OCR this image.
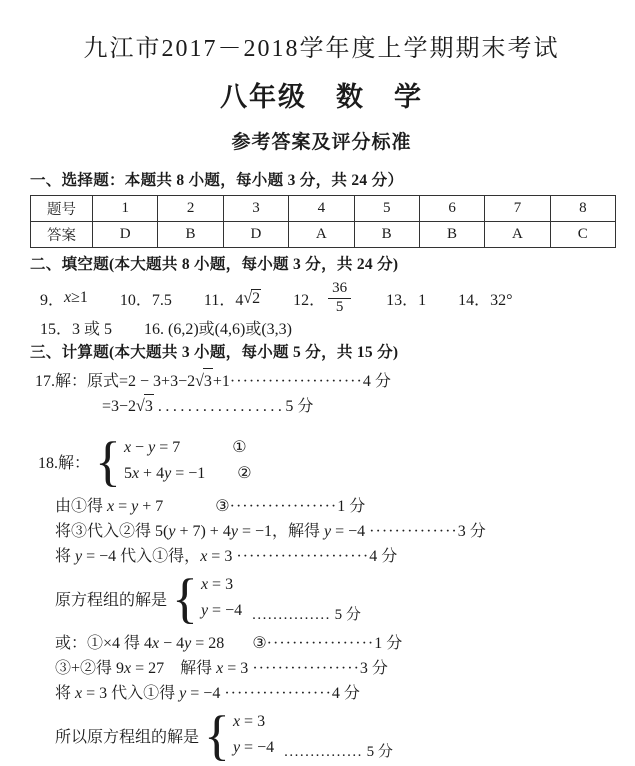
九江市2017－2018学年度上学期期末考试
八年级　数　学
参考答案及评分标准
一、选择题：本题共 8 小题，每小题 3 分，共 24 分）
题号	1	2	3	4	5	6	7	8
答案	D	B	D	A	B	B	A	C
二、填空题(本大题共 8 小题，每小题 3 分，共 24 分)
9． x ≥1 10．7.5 11．4 √2 12． $\frac{36}{5} 13$．1 14．32°
15．3 或 5 16. (6,2)或(4,6)或(3,3)
三、计算题(本大题共 3 小题，每小题 5 分，共 15 分)
17.解：原式=2 − 3+3−2√3+1·····················4 分
=3−2√3 .................5 分
18.解： { x − y = 7	①
5x + 4y = −1 ②
由①得 x = y + 7	③·················1 分
将③代入②得 5(y + 7) + 4y = −1，解得 y = −4 ··············3 分
将 y = −4 代入①得，x = 3 ·····················4 分
原方程组的解是 { x = 3
y = −4 ............... 5 分
或：①×4 得 4x − 4y = 28 ③·················1 分
③+②得 9x = 27　解得 x = 3 ·················3 分
将 x = 3 代入①得 y = −4 ·················4 分
所以原方程组的解是 { x = 3
y = −4 ............... 5 分
